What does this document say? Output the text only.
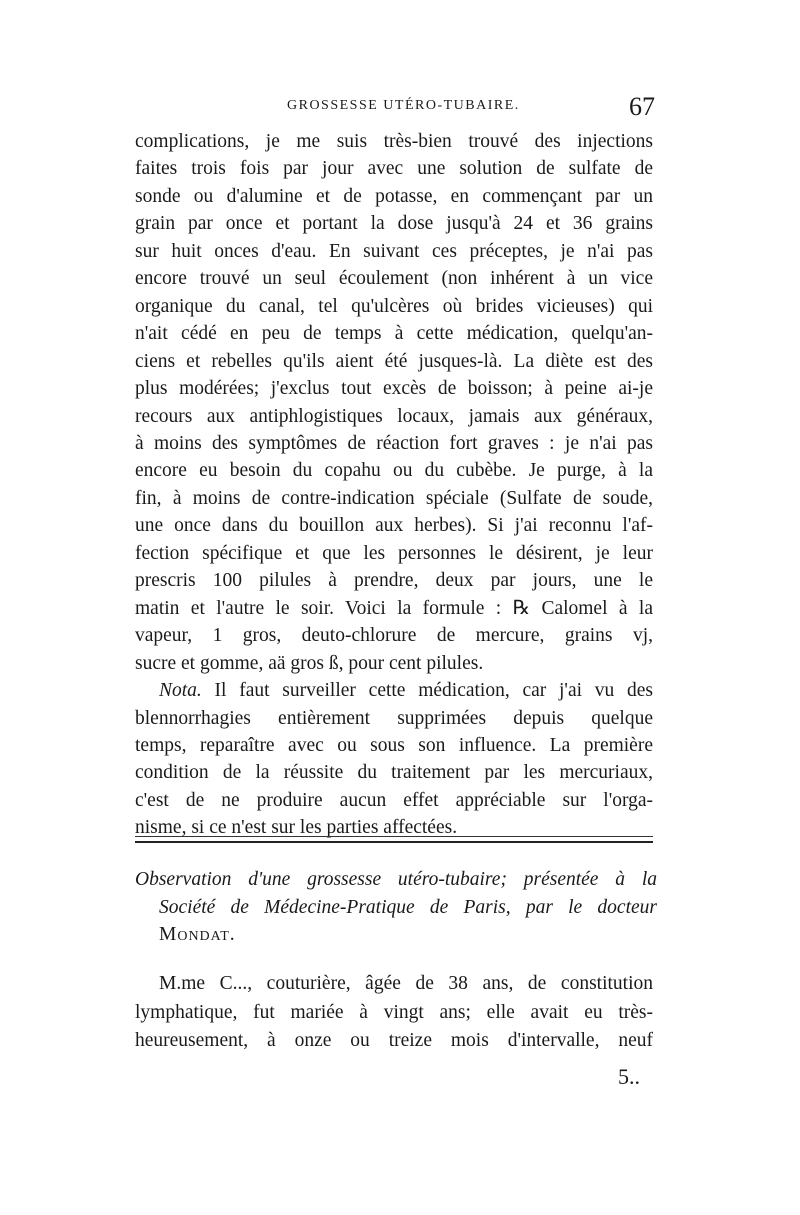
GROSSESSE UTÉRO-TUBAIRE.	67
complications, je me suis très-bien trouvé des injections
faites trois fois par jour avec une solution de sulfate de
sonde ou d'alumine et de potasse, en commençant par un
grain par once et portant la dose jusqu'à 24 et 36 grains
sur huit onces d'eau. En suivant ces préceptes, je n'ai pas
encore trouvé un seul écoulement (non inhérent à un vice
organique du canal, tel qu'ulcères où brides vicieuses) qui
n'ait cédé en peu de temps à cette médication, quelqu'an-
ciens et rebelles qu'ils aient été jusques-là. La diète est des
plus modérées; j'exclus tout excès de boisson; à peine ai-je
recours aux antiphlogistiques locaux, jamais aux généraux,
à moins des symptômes de réaction fort graves : je n'ai pas
encore eu besoin du copahu ou du cubèbe. Je purge, à la
fin, à moins de contre-indication spéciale (Sulfate de soude,
une once dans du bouillon aux herbes). Si j'ai reconnu l'af-
fection spécifique et que les personnes le désirent, je leur
prescris 100 pilules à prendre, deux par jours, une le
matin et l'autre le soir. Voici la formule : ℞ Calomel à la
vapeur, 1 gros, deuto-chlorure de mercure, grains vj,
sucre et gomme, aä gros ß, pour cent pilules.
Nota. Il faut surveiller cette médication, car j'ai vu des
blennorrhagies entièrement supprimées depuis quelque
temps, reparaître avec ou sous son influence. La première
condition de la réussite du traitement par les mercuriaux,
c'est de ne produire aucun effet appréciable sur l'orga-
nisme, si ce n'est sur les parties affectées.
Observation d'une grossesse utéro-tubaire; présentée à la
Société de Médecine-Pratique de Paris, par le docteur
Mondat.
M.me C..., couturière, âgée de 38 ans, de constitution
lymphatique, fut mariée à vingt ans; elle avait eu très-
heureusement, à onze ou treize mois d'intervalle, neuf
5..
